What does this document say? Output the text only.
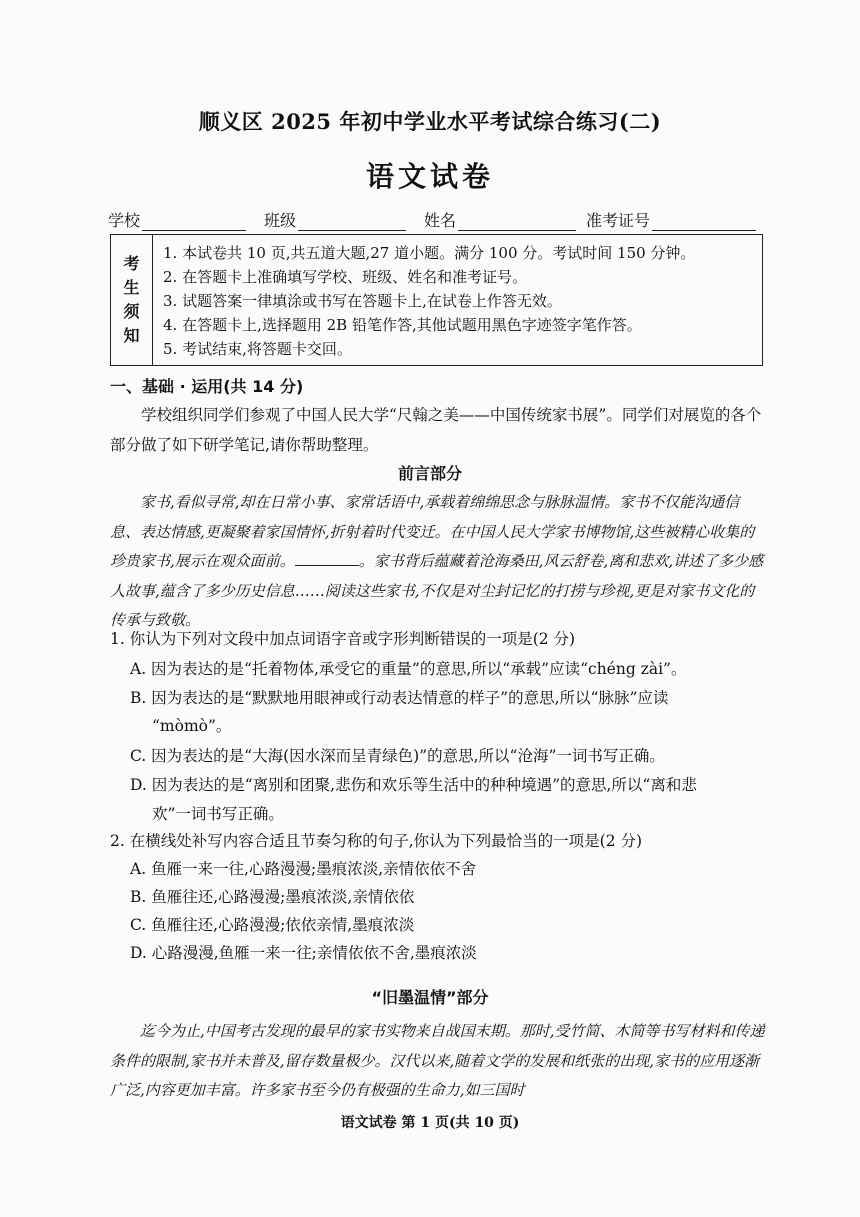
顺义区 2025 年初中学业水平考试综合练习(二)
语文试卷
学校	班级	姓名	准考证号
考
生
须
知
1. 本试卷共 10 页,共五道大题,27 道小题。满分 100 分。考试时间 150 分钟。
2. 在答题卡上准确填写学校、班级、姓名和准考证号。
3. 试题答案一律填涂或书写在答题卡上,在试卷上作答无效。
4. 在答题卡上,选择题用 2B 铅笔作答,其他试题用黑色字迹签字笔作答。
5. 考试结束,将答题卡交回。
一、基础 · 运用(共 14 分)
学校组织同学们参观了中国人民大学“尺翰之美——中国传统家书展”。同学们对展览的各个部分做了如下研学笔记,请你帮助整理。
前言部分
家书,看似寻常,却在日常小事、家常话语中,承载着绵绵思念与脉脉温情。家书不仅能沟通信息、表达情感,更凝聚着家国情怀,折射着时代变迁。在中国人民大学家书博物馆,这些被精心收集的珍贵家书,展示在观众面前。	。家书背后蕴藏着沧海桑田,风云舒卷,离和悲欢,讲述了多少感人故事,蕴含了多少历史信息……阅读这些家书,不仅是对尘封记忆的打捞与珍视,更是对家书文化的传承与致敬。
1. 你认为下列对文段中加点词语字音或字形判断错误的一项是(2 分)
A. 因为表达的是“托着物体,承受它的重量”的意思,所以“承载”应读“chéng zài”。
B. 因为表达的是“默默地用眼神或行动表达情意的样子”的意思,所以“脉脉”应读
“mòmò”。
C. 因为表达的是“大海(因水深而呈青绿色)”的意思,所以“沧海”一词书写正确。
D. 因为表达的是“离别和团聚,悲伤和欢乐等生活中的种种境遇”的意思,所以“离和悲
欢”一词书写正确。
2. 在横线处补写内容合适且节奏匀称的句子,你认为下列最恰当的一项是(2 分)
A. 鱼雁一来一往,心路漫漫;墨痕浓淡,亲情依依不舍
B. 鱼雁往还,心路漫漫;墨痕浓淡,亲情依依
C. 鱼雁往还,心路漫漫;依依亲情,墨痕浓淡
D. 心路漫漫,鱼雁一来一往;亲情依依不舍,墨痕浓淡
“旧墨温情”部分
迄今为止,中国考古发现的最早的家书实物来自战国末期。那时,受竹简、木简等书写材料和传递条件的限制,家书并未普及,留存数量极少。汉代以来,随着文学的发展和纸张的出现,家书的应用逐渐广泛,内容更加丰富。许多家书至今仍有极强的生命力,如三国时
语文试卷 第 1 页(共 10 页)
